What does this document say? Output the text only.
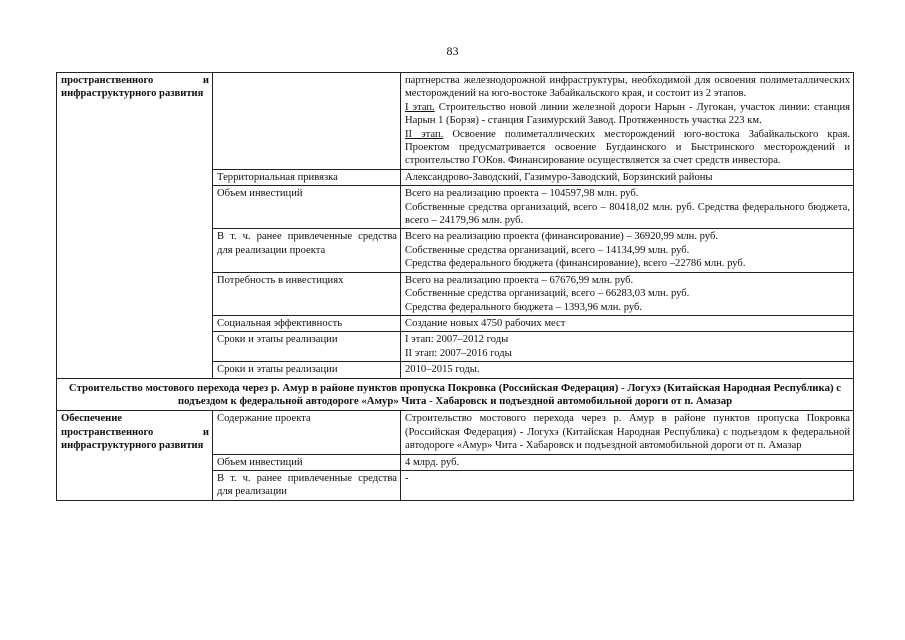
83
пространственного и инфраструктурного развития		партнерства железнодорожной инфраструктуры, необходимой для освоения полиметаллических месторождений на юго-востоке Забайкальского края, и состоит из 2 этапов.

I этап. Строительство новой линии железной дороги Нарын - Лугокан, участок линии: станция Нарын 1 (Борзя) - станция Газимурский Завод. Протяженность участка 223 км.

II этап. Освоение полиметаллических месторождений юго-востока Забайкальского края. Проектом предусматривается освоение Бугдаинского и Быстринского месторождений и строительство ГОКов. Финансирование осуществляется за счет средств инвестора.

	Территориальная привязка	Александрово-Заводский, Газимуро-Заводский, Борзинский районы

	Объем инвестиций	Всего на реализацию проекта – 104597,98 млн. руб.

Собственные средства организаций, всего – 80418,02 млн. руб. Средства федерального бюджета, всего – 24179,96 млн. руб.

	В т. ч. ранее привлеченные средства для реализации проекта	Всего на реализацию проекта (финансирование) – 36920,99 млн. руб.

Собственные средства организаций, всего – 14134,99 млн. руб.

Средства федерального бюджета (финансирование), всего –22786 млн. руб.

	Потребность в инвестициях	Всего на реализацию проекта – 67676,99 млн. руб.

Собственные средства организаций, всего – 66283,03 млн. руб.

Средства федерального бюджета – 1393,96 млн. руб.

	Социальная эффективность	Создание новых 4750 рабочих мест

	Сроки и этапы реализации	I этап: 2007–2012 годы

II этап: 2007–2016 годы

	Сроки и этапы реализации	2010–2015 годы.

Строительство мостового перехода через р. Амур в районе пунктов пропуска Покровка (Российская Федерация) - Логухэ (Китайская Народная Республика) с подъездом к федеральной автодороге «Амур» Чита - Хабаровск и подъездной автомобильной дороги от п. Амазар		
Обеспечение пространственного и инфраструктурного развития	Содержание проекта	Строительство мостового перехода через р. Амур в районе пунктов пропуска Покровка (Российская Федерация) - Логухэ (Китайская Народная Республика) с подъездом к федеральной автодороге «Амур» Чита - Хабаровск и подъездной автомобильной дороги от п. Амазар

	Объем инвестиций	4 млрд. руб.

	В т. ч. ранее привлеченные средства для реализации	-
